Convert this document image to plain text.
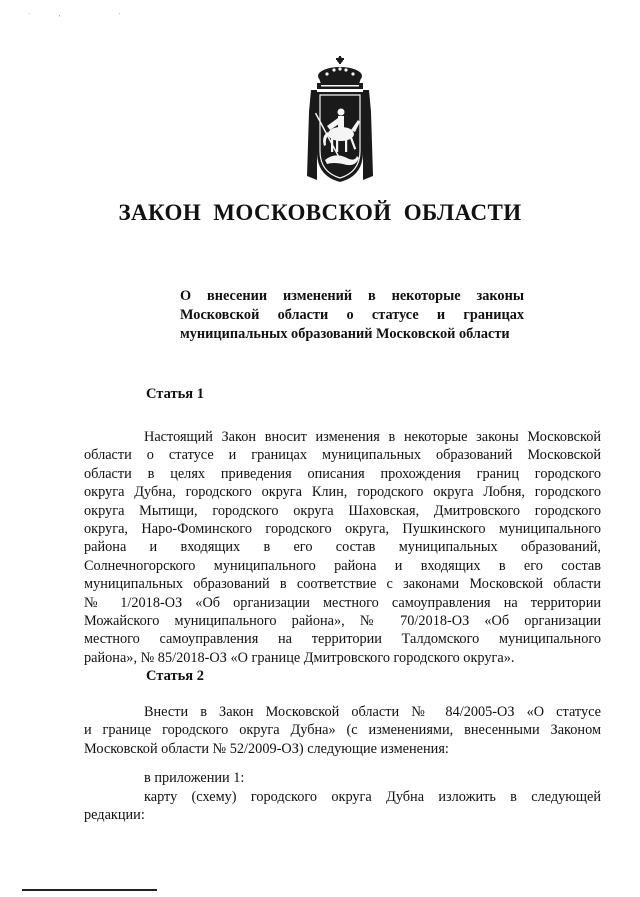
·‚ ·
ЗАКОН МОСКОВСКОЙ ОБЛАСТИ
О внесении изменений в некоторые законы
Московской области о статусе и границах
муниципальных образований Московской области
Статья 1
Настоящий Закон вносит изменения в некоторые законы Московской
области о статусе и границах муниципальных образований Московской
области в целях приведения описания прохождения границ городского
округа Дубна, городского округа Клин, городского округа Лобня, городского
округа Мытищи, городского округа Шаховская, Дмитровского городского
округа, Наро-Фоминского городского округа, Пушкинского муниципального
района и входящих в его состав муниципальных образований,
Солнечногорского муниципального района и входящих в его состав
муниципальных образований в соответствие с законами Московской области
№ 1/2018-ОЗ «Об организации местного самоуправления на территории
Можайского муниципального района», № 70/2018-ОЗ «Об организации
местного самоуправления на территории Талдомского муниципального
района», № 85/2018-ОЗ «О границе Дмитровского городского округа».
Статья 2
Внести в Закон Московской области № 84/2005-ОЗ «О статусе
и границе городского округа Дубна» (с изменениями, внесенными Законом
Московской области № 52/2009-ОЗ) следующие изменения:
в приложении 1:
карту (схему) городского округа Дубна изложить в следующей
редакции:
